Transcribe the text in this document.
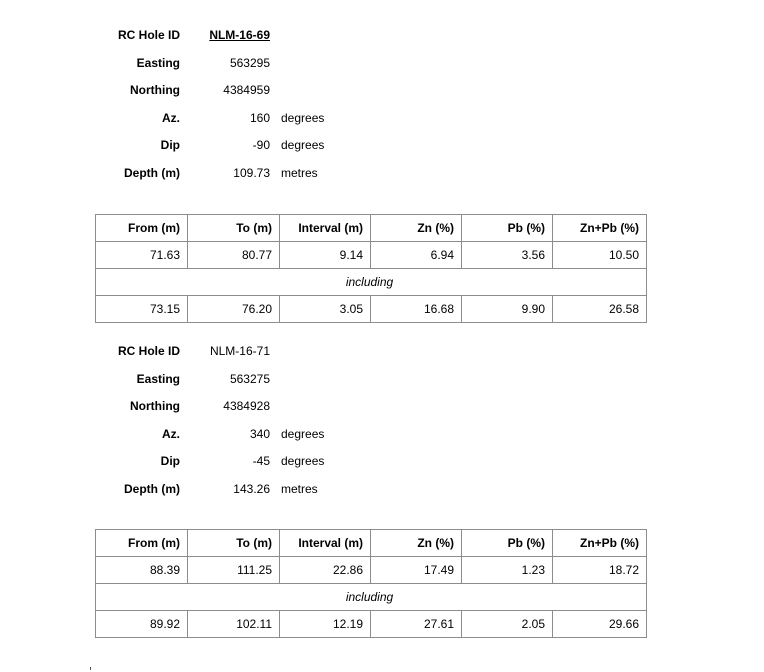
RC Hole ID NLM-16-69
Easting	563295
Northing	4384959
Az.	160 degrees
Dip	-90 degrees
Depth (m)	109.73 metres
From (m)	To (m)	Interval (m)	Zn (%)	Pb (%)	Zn+Pb (%)
71.63	80.77	9.14	6.94	3.56	10.50
including					
73.15	76.20	3.05	16.68	9.90	26.58
RC Hole ID NLM-16-71
Easting	563275
Northing	4384928
Az.	340 degrees
Dip	-45 degrees
Depth (m)	143.26 metres
From (m)	To (m)	Interval (m)	Zn (%)	Pb (%)	Zn+Pb (%)
88.39	111.25	22.86	17.49	1.23	18.72
including					
89.92	102.11	12.19	27.61	2.05	29.66
